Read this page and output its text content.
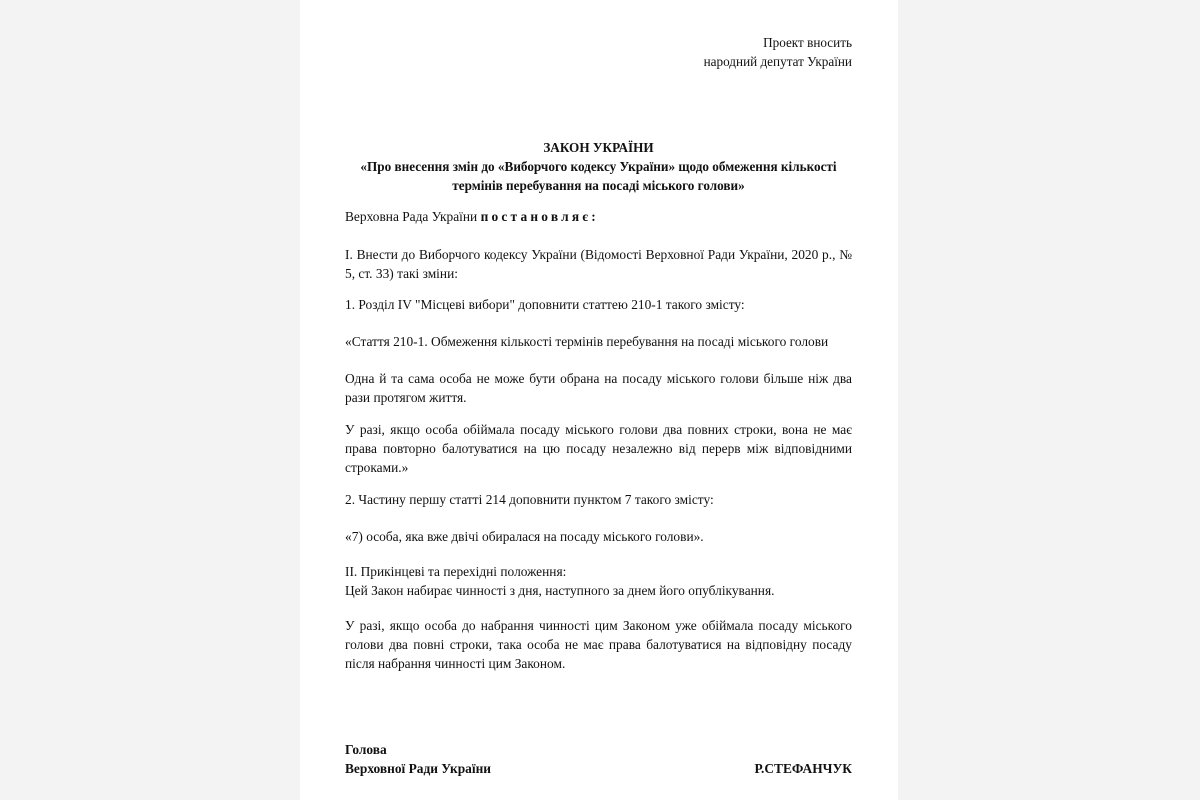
Проект вносить
народний депутат України
ЗАКОН УКРАЇНИ
«Про внесення змін до «Виборчого кодексу України» щодо обмеження кількості
термінів перебування на посаді міського голови»

Верховна Рада України постановляє:

I. Внести до Виборчого кодексу України (Відомості Верховної Ради України, 2020 р., № 5, ст. 33) такі зміни:

1. Розділ IV "Місцеві вибори" доповнити статтею 210-1 такого змісту:

«Стаття 210-1. Обмеження кількості термінів перебування на посаді міського голови

Одна й та сама особа не може бути обрана на посаду міського голови більше ніж два рази протягом життя.

У разі, якщо особа обіймала посаду міського голови два повних строки, вона не має права повторно балотуватися на цю посаду незалежно від перерв між відповідними строками.»

2. Частину першу статті 214 доповнити пунктом 7 такого змісту:

«7) особа, яка вже двічі обиралася на посаду міського голови».

II. Прикінцеві та перехідні положення:

Цей Закон набирає чинності з дня, наступного за днем його опублікування.

У разі, якщо особа до набрання чинності цим Законом уже обіймала посаду міського голови два повні строки, така особа не має права балотуватися на відповідну посаду після набрання чинності цим Законом.

Голова
Верховної Ради України	Р.СТЕФАНЧУК
